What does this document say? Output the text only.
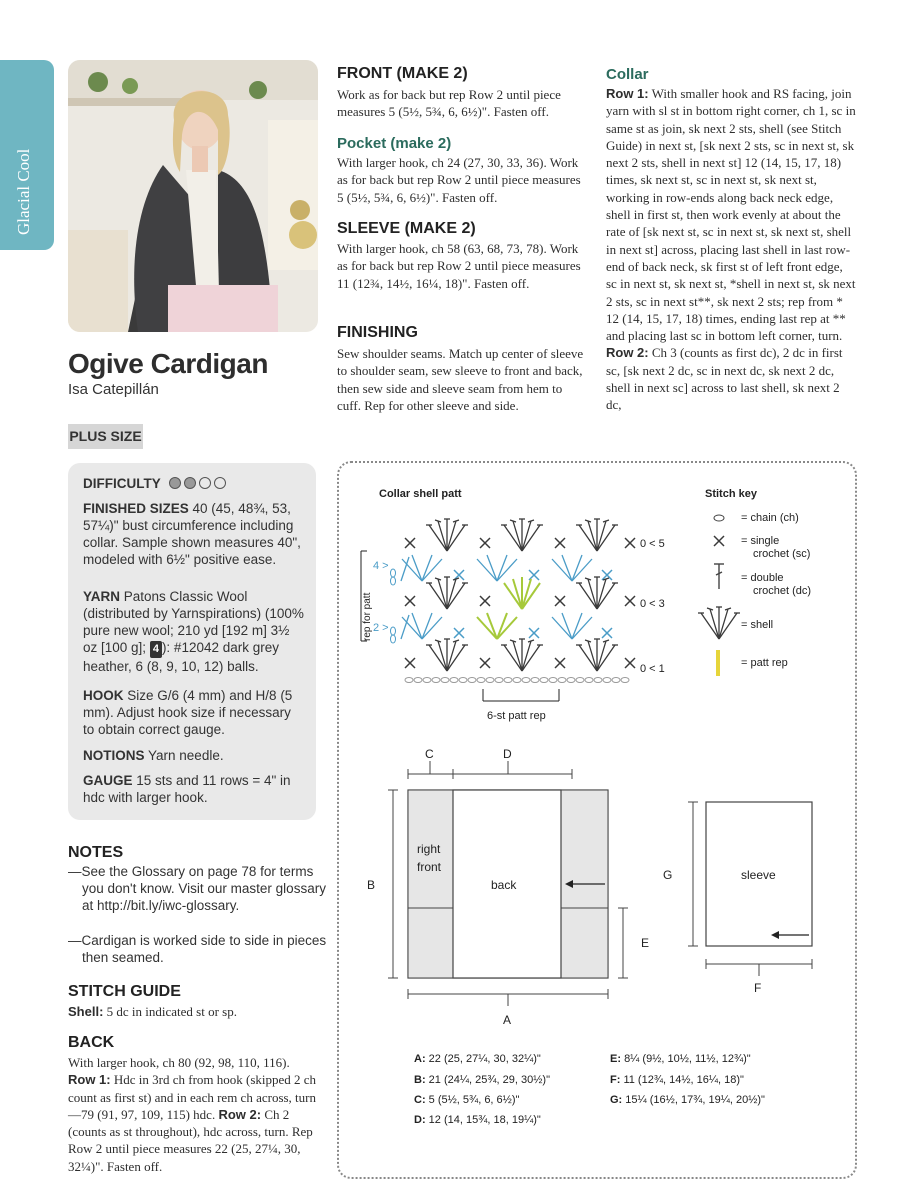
Glacial Cool
Ogive Cardigan
Isa Catepillán
PLUS SIZE
DIFFICULTY
FINISHED SIZES 40 (45, 48¾, 53, 57¼)" bust circumference including collar. Sample shown measures 40", modeled with 6½" positive ease.
YARN Patons Classic Wool (distributed by Yarnspirations) (100% pure new wool; 210 yd [192 m] 3½ oz [100 g]; 4 ): #12042 dark grey heather, 6 (8, 9, 10, 12) balls.
HOOK Size G/6 (4 mm) and H/8 (5 mm). Adjust hook size if necessary to obtain correct gauge.
NOTIONS Yarn needle.
GAUGE 15 sts and 11 rows = 4" in hdc with larger hook.
NOTES
—See the Glossary on page 78 for terms you don't know. Visit our master glossary at http://bit.ly/iwc-glossary.
—Cardigan is worked side to side in pieces then seamed.
STITCH GUIDE
Shell: 5 dc in indicated st or sp.
BACK
With larger hook, ch 80 (92, 98, 110, 116). Row 1: Hdc in 3rd ch from hook (skipped 2 ch count as first st) and in each rem ch across, turn—79 (91, 97, 109, 115) hdc. Row 2: Ch 2 (counts as st throughout), hdc across, turn. Rep Row 2 until piece measures 22 (25, 27¼, 30, 32¼)". Fasten off.
FRONT (MAKE 2)
Work as for back but rep Row 2 until piece measures 5 (5½, 5¾, 6, 6½)". Fasten off.
Pocket (make 2)
With larger hook, ch 24 (27, 30, 33, 36). Work as for back but rep Row 2 until piece measures 5 (5½, 5¾, 6, 6½)". Fasten off.
SLEEVE (MAKE 2)
With larger hook, ch 58 (63, 68, 73, 78). Work as for back but rep Row 2 until piece measures 11 (12¾, 14½, 16¼, 18)". Fasten off.
FINISHING
Sew shoulder seams. Match up center of sleeve to shoulder seam, sew sleeve to front and back, then sew side and sleeve seam from hem to cuff. Rep for other sleeve and side.
Collar
Row 1: With smaller hook and RS facing, join yarn with sl st in bottom right corner, ch 1, sc in same st as join, sk next 2 sts, shell (see Stitch Guide) in next st, [sk next 2 sts, sc in next st, sk next 2 sts, shell in next st] 12 (14, 15, 17, 18) times, sk next st, sc in next st, sk next st, working in row-ends along back neck edge, shell in first st, then work evenly at about the rate of [sk next st, sc in next st, sk next st, shell in next st] across, placing last shell in last row-end of back neck, sk first st of left front edge, sc in next st, sk next st, *shell in next st, sk next 2 sts, sc in next st**, sk next 2 sts; rep from * 12 (14, 15, 17, 18) times, ending last rep at ** and placing last sc in bottom left corner, turn. Row 2: Ch 3 (counts as first dc), 2 dc in first sc, [sk next 2 dc, sc in next dc, sk next 2 dc, shell in next sc] across to last shell, sk next 2 dc,
Collar shell patt
0 < 5
4 >
0 < 3
2 >
0 < 1
rep for patt
6-st patt rep
Stitch key
= chain (ch)
= single
crochet (sc)
= double
crochet (dc)
= shell
= patt rep
right
front
back
C	D
B
E
A
sleeve
G
F
A: 22 (25, 27¼, 30, 32¼)"
B: 21 (24¼, 25¾, 29, 30½)"
C: 5 (5½, 5¾, 6, 6½)"
D: 12 (14, 15¾, 18, 19¼)"
E: 8¼ (9½, 10½, 11½, 12¾)"
F: 11 (12¾, 14½, 16¼, 18)"
G: 15¼ (16½, 17¾, 19¼, 20½)"
